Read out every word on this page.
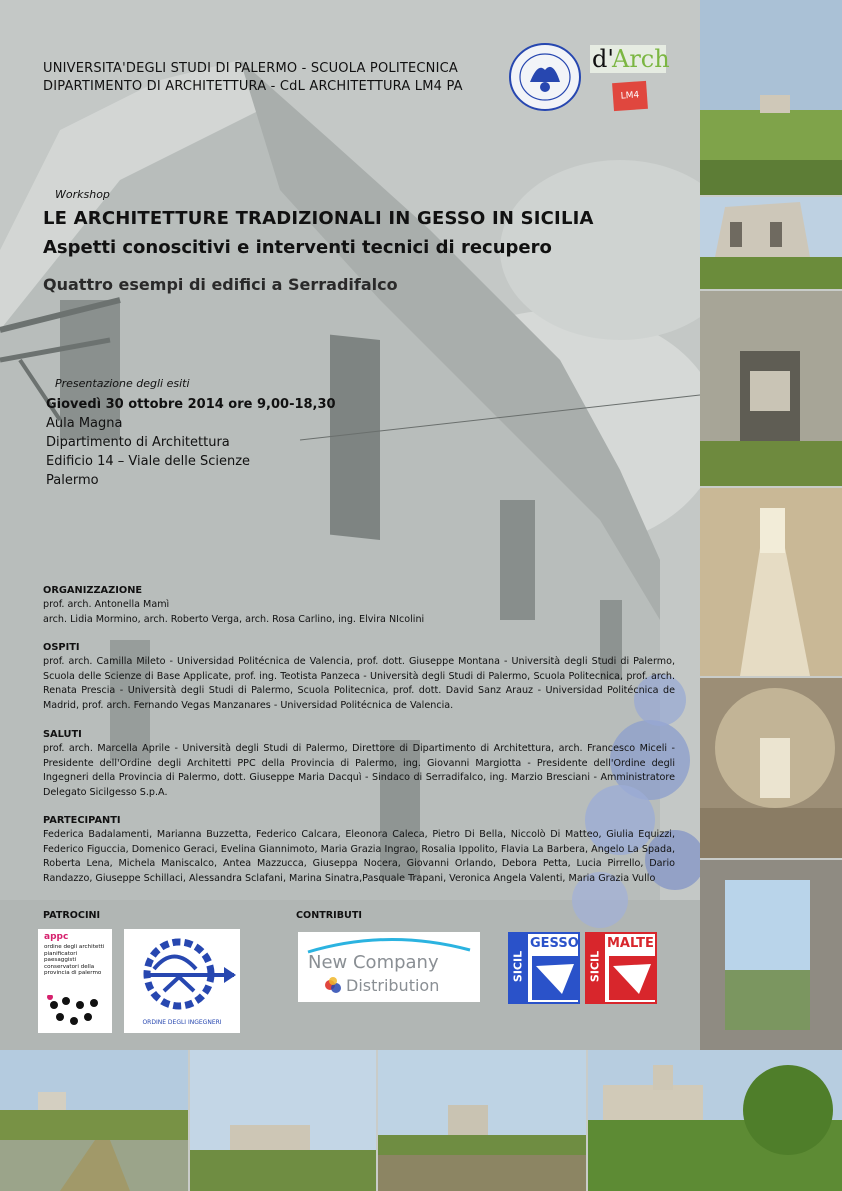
UNIVERSITA'DEGLI STUDI DI PALERMO - SCUOLA POLITECNICA
DIPARTIMENTO DI ARCHITETTURA - CdL ARCHITETTURA LM4 PA
d'
Arch
LM4
Workshop
LE ARCHITETTURE TRADIZIONALI IN GESSO IN SICILIA
Aspetti conoscitivi e interventi tecnici di recupero
Quattro esempi di edifici a Serradifalco
Presentazione degli esiti
Giovedì 30 ottobre 2014 ore 9,00-18,30
Aula Magna
Dipartimento di Architettura
Edificio 14 – Viale delle Scienze
Palermo
ORGANIZZAZIONE
prof. arch. Antonella Mamì
arch. Lidia Mormino, arch. Roberto Verga, arch. Rosa Carlino, ing. Elvira NIcolini
OSPITI
prof. arch. Camilla Mileto - Universidad Politécnica de Valencia, prof. dott. Giuseppe Montana - Università degli Studi di Palermo, Scuola delle Scienze di Base Applicate, prof. ing. Teotista Panzeca - Università degli Studi di Palermo, Scuola Politecnica, prof. arch. Renata Prescia - Università degli Studi di Palermo, Scuola Politecnica, prof. dott. David Sanz Arauz - Universidad Politécnica de Madrid, prof. arch. Fernando Vegas Manzanares - Universidad Politécnica de Valencia.
SALUTI
prof. arch. Marcella Aprile - Università degli Studi di Palermo, Direttore di Dipartimento di Architettura, arch. Francesco Miceli - Presidente dell'Ordine degli Architetti PPC della Provincia di Palermo, ing. Giovanni Margiotta - Presidente dell'Ordine degli Ingegneri della Provincia di Palermo, dott. Giuseppe Maria Dacquì - Sindaco di Serradifalco, ing. Marzio Bresciani - Amministratore Delegato Sicilgesso S.p.A.
PARTECIPANTI
Federica Badalamenti, Marianna Buzzetta, Federico Calcara, Eleonora Caleca, Pietro Di Bella, Niccolò Di Matteo, Giulia Equizzi, Federico Figuccia, Domenico Geraci, Evelina Giannimoto, Maria Grazia Ingrao, Rosalia Ippolito, Flavia La Barbera, Angelo La Spada, Roberta Lena, Michela Maniscalco, Antea Mazzucca, Giuseppa Nocera, Giovanni Orlando, Debora Petta, Lucia Pirrello, Dario Randazzo, Giuseppe Schillaci, Alessandra Sclafani, Marina Sinatra,Pasquale Trapani, Veronica Angela Valenti, Maria Grazia Vullo
PATROCINI	CONTRIBUTI
appc
ordine degli architetti pianificatori paesaggisti conservatori della provincia di palermo
ORDINE DEGLI INGEGNERI
New Company
Distribution
SICIL
GESSO
SICIL
MALTE
